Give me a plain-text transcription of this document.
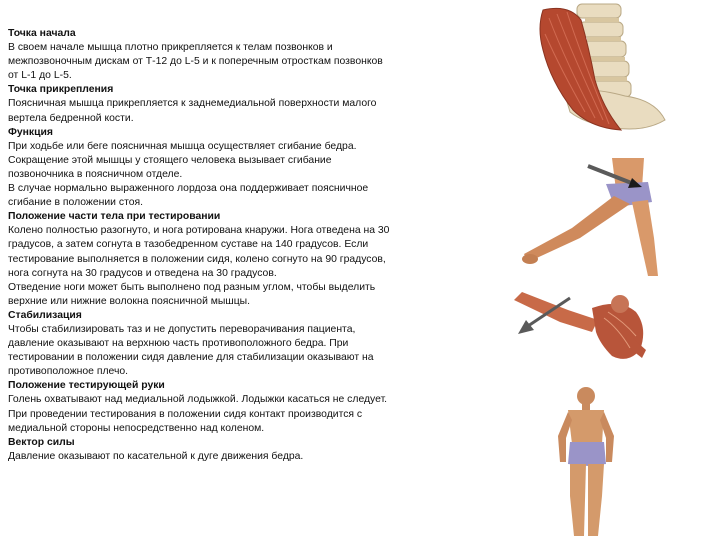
Точка начала
В своем начале мышца плотно прикрепляется к телам позвонков и
межпозвоночным дискам от Т-12 до L-5 и к поперечным отросткам позвонков
от L-1 до L-5.
Точка прикрепления
Поясничная мышца прикрепляется к заднемедиальной поверхности малого
вертела бедренной кости.
Функция
При ходьбе или беге поясничная мышца осуществляет сгибание бедра.
Сокращение этой мышцы у стоящего человека вызывает сгибание
позвоночника в поясничном отделе.
В случае нормально выраженного лордоза она поддерживает поясничное
сгибание в положении стоя.
Положение части тела при тестировании
Колено полностью разогнуто, и нога ротирована кнаружи. Нога отведена на 30
градусов, а затем согнута в тазобедренном суставе на 140 градусов. Если
тестирование выполняется в положении сидя, колено согнуто на 90 градусов,
нога согнута на 30 градусов и отведена на 30 градусов.
Отведение ноги может быть выполнено под разным углом, чтобы выделить
верхние или нижние волокна поясничной мышцы.
Стабилизация
Чтобы стабилизировать таз и не допустить переворачивания пациента,
давление оказывают на верхнюю часть противоположного бедра. При
тестировании в положении сидя давление для стабилизации оказывают на
противоположное плечо.
Положение тестирующей руки
Голень охватывают над медиальной лодыжкой. Лодыжки касаться не следует.
При проведении тестирования в положении сидя контакт производится с
медиальной стороны непосредственно над коленом.
Вектор силы
Давление оказывают по касательной к дуге движения бедра.
